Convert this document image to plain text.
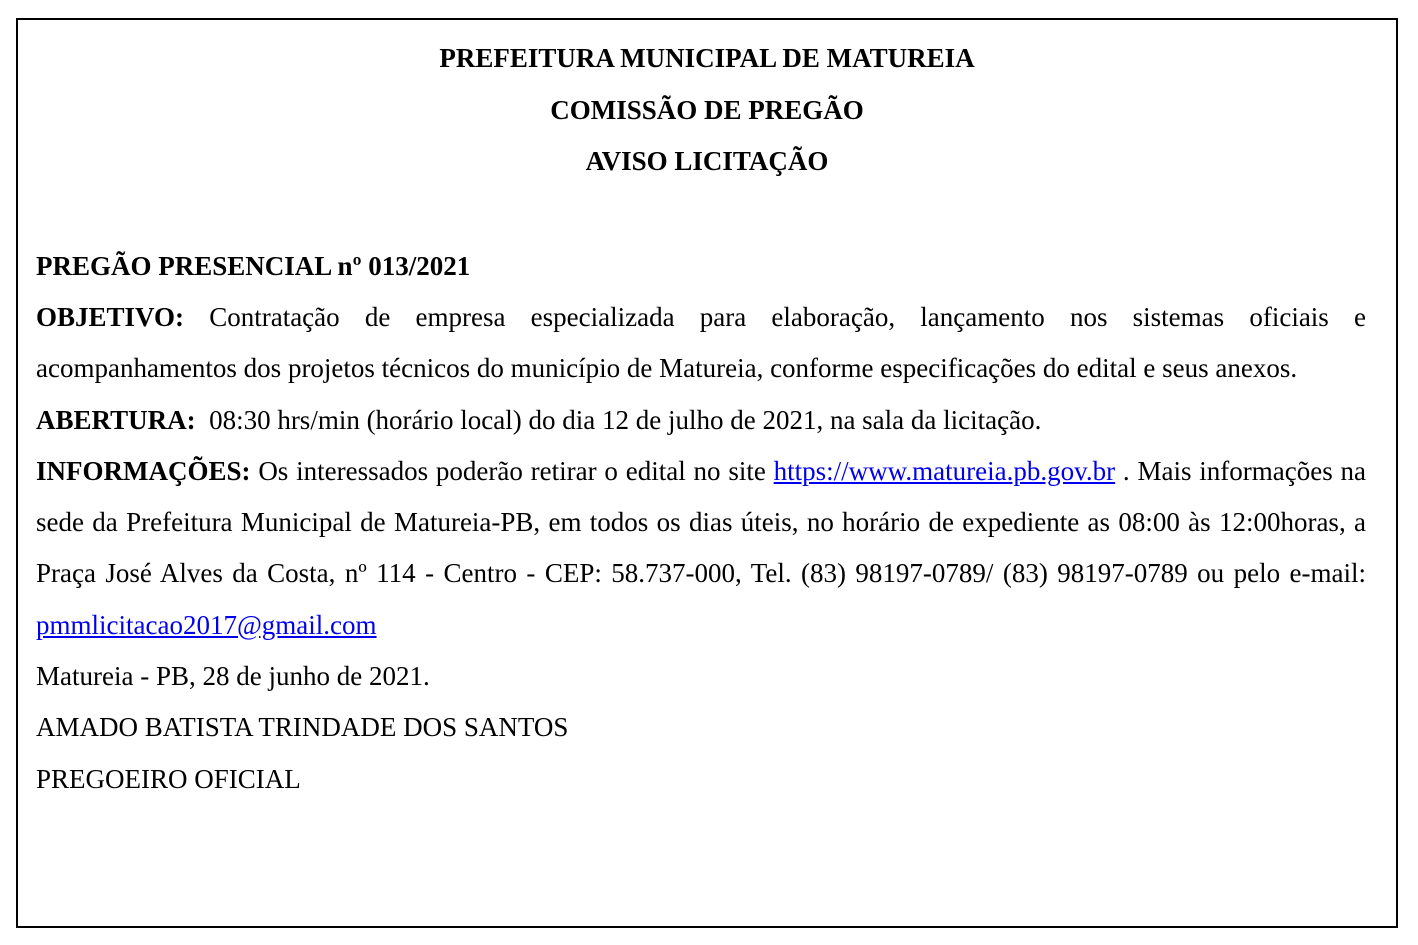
PREFEITURA MUNICIPAL DE MATUREIA
COMISSÃO DE PREGÃO
AVISO LICITAÇÃO
PREGÃO PRESENCIAL nº 013/2021

OBJETIVO: Contratação de empresa especializada para elaboração, lançamento nos sistemas oficiais e acompanhamentos dos projetos técnicos do município de Matureia, conforme especificações do edital e seus anexos.

ABERTURA: 08:30 hrs/min (horário local) do dia 12 de julho de 2021, na sala da licitação.

INFORMAÇÕES: Os interessados poderão retirar o edital no site https://www.matureia.pb.gov.br . Mais informações na sede da Prefeitura Municipal de Matureia-PB, em todos os dias úteis, no horário de expediente as 08:00 às 12:00horas, a Praça José Alves da Costa, nº 114 - Centro - CEP: 58.737-000, Tel. (83) 98197-0789/ (83) 98197-0789 ou pelo e-mail: pmmlicitacao2017@gmail.com

Matureia - PB, 28 de junho de 2021.

AMADO BATISTA TRINDADE DOS SANTOS

PREGOEIRO OFICIAL
